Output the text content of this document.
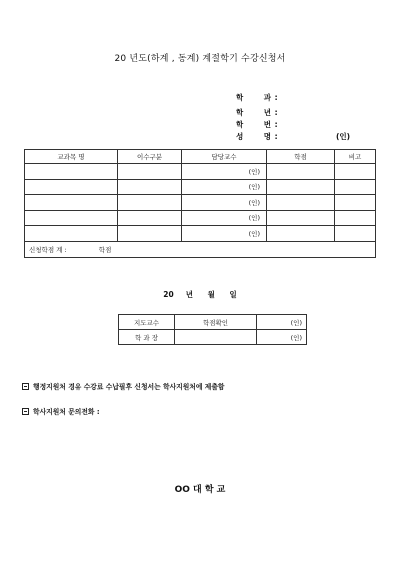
20 년도(하계 , 동계) 계절학기 수강신청서
학 과 :
학 년 :
학 번 :
성 명 :	(인)
교과목 명	이수구분	담당교수	학점	비고
		(인)		
		(인)		
		(인)		
		(인)		
		(인)		
신청학점 계 : 학점				
20 년 월 일
지도교수	학점확인	(인)
학 과 장		(인)
행정지원처 경유 수강료 수납필후 신청서는 학사지원처에 제출함
학사지원처 문의전화 :
OO 대 학 교
